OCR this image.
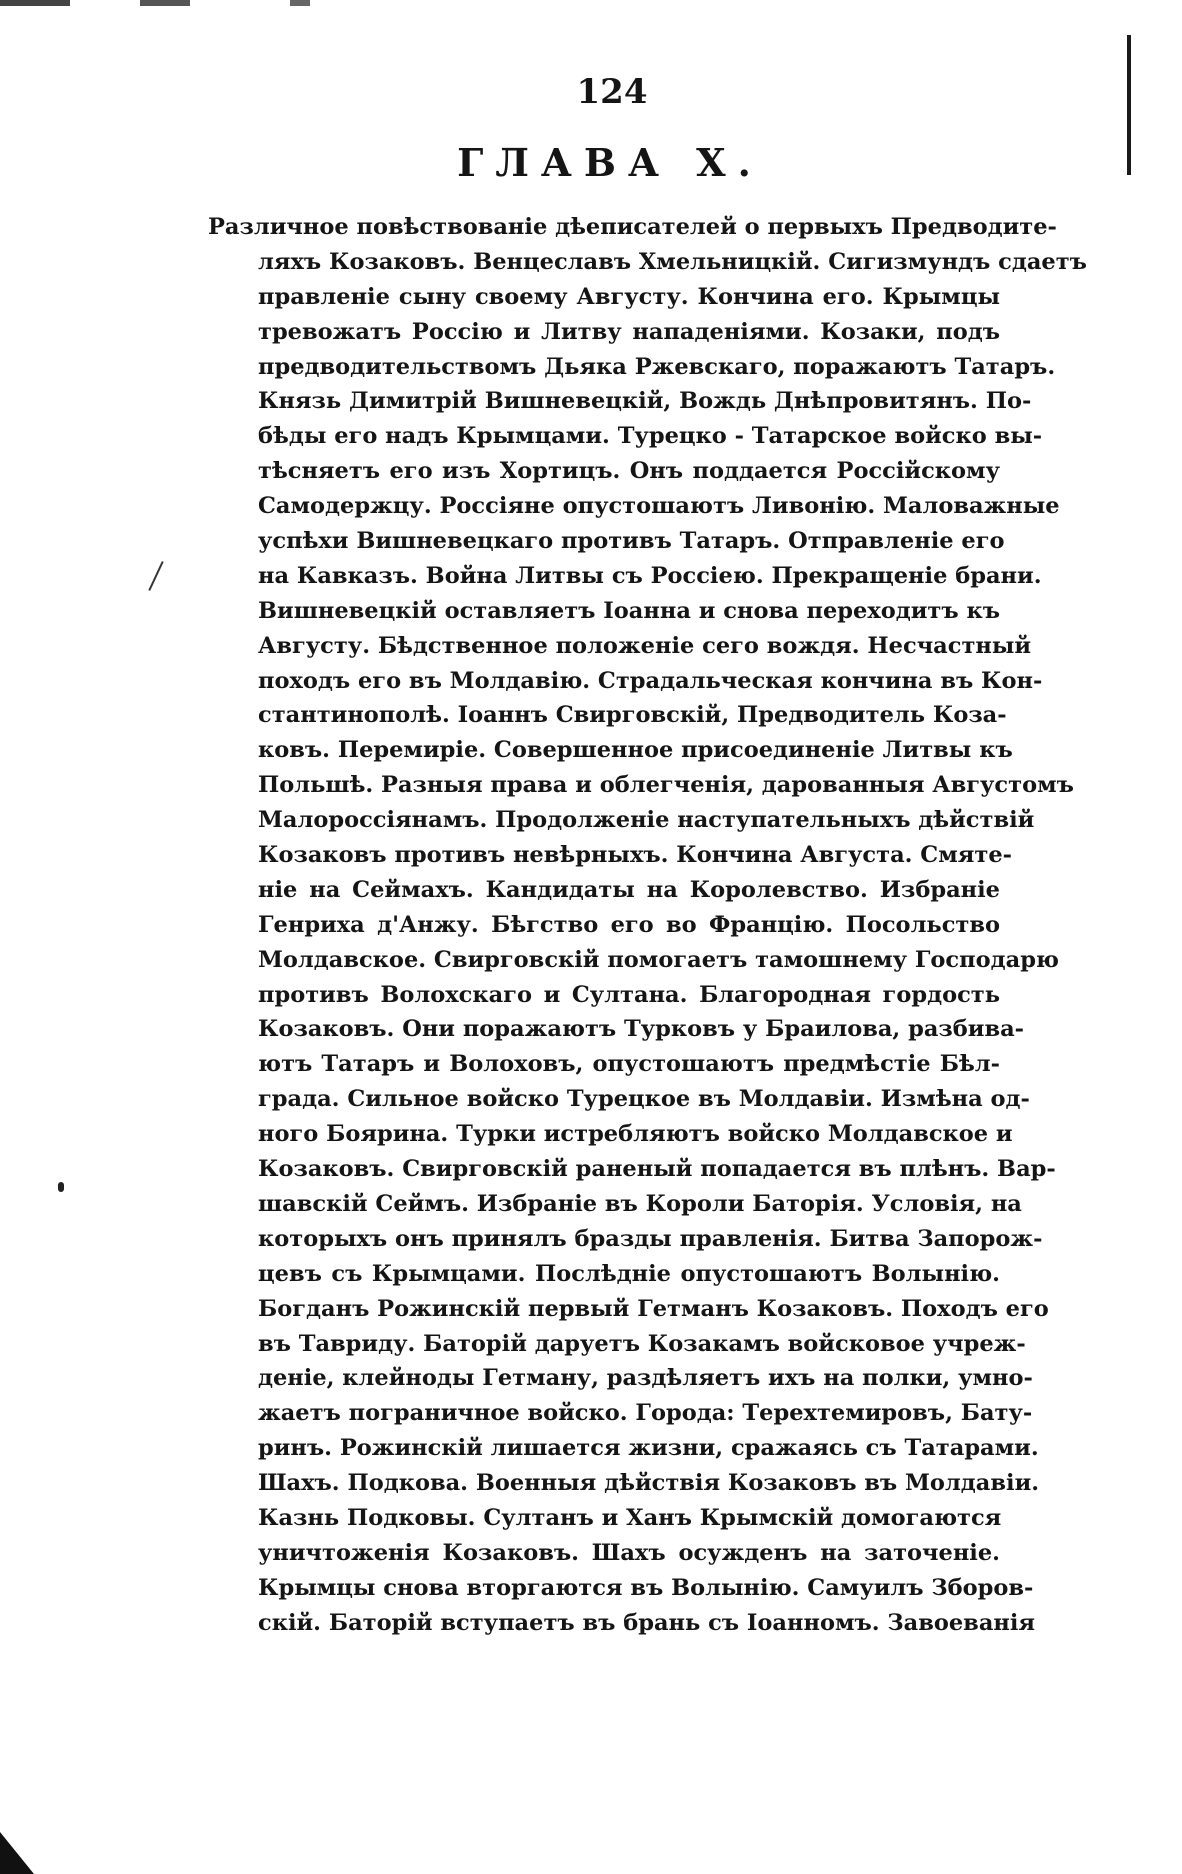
124
ГЛАВА X.
Различное повѣствованіе дѣеписателей о первыхъ Предводите-
ляхъ Козаковъ. Венцеславъ Хмельницкій. Сигизмундъ сдаетъ
правленіе сыну своему Августу. Кончина его. Крымцы
тревожатъ Россію и Литву нападеніями. Козаки, подъ
предводительствомъ Дьяка Ржевскаго, поражаютъ Татаръ.
Князь Димитрій Вишневецкій, Вождь Днѣпровитянъ. По-
бѣды его надъ Крымцами. Турецко - Татарское войско вы-
тѣсняетъ его изъ Хортицъ. Онъ поддается Россійскому
Самодержцу. Россіяне опустошаютъ Ливонію. Маловажные
успѣхи Вишневецкаго противъ Татаръ. Отправленіе его
на Кавказъ. Война Литвы съ Россіею. Прекращеніе брани.
Вишневецкій оставляетъ Іоанна и снова переходитъ къ
Августу. Бѣдственное положеніе сего вождя. Несчастный
походъ его въ Молдавію. Страдальческая кончина въ Кон-
стантинополѣ. Іоаннъ Свирговскій, Предводитель Коза-
ковъ. Перемиріе. Совершенное присоединеніе Литвы къ
Польшѣ. Разныя права и облегченія, дарованныя Августомъ
Малороссіянамъ. Продолженіе наступательныхъ дѣйствій
Козаковъ противъ невѣрныхъ. Кончина Августа. Смяте-
ніе на Сеймахъ. Кандидаты на Королевство. Избраніе
Генриха д'Анжу. Бѣгство его во Францію. Посольство
Молдавское. Свирговскій помогаетъ тамошнему Господарю
противъ Волохскаго и Султана. Благородная гордость
Козаковъ. Они поражаютъ Турковъ у Браилова, разбива-
ютъ Татаръ и Волоховъ, опустошаютъ предмѣстіе Бѣл-
града. Сильное войско Турецкое въ Молдавіи. Измѣна од-
ного Боярина. Турки истребляютъ войско Молдавское и
Козаковъ. Свирговскій раненый попадается въ плѣнъ. Вар-
шавскій Сеймъ. Избраніе въ Короли Баторія. Условія, на
которыхъ онъ принялъ бразды правленія. Битва Запорож-
цевъ съ Крымцами. Послѣдніе опустошаютъ Волынію.
Богданъ Рожинскій первый Гетманъ Козаковъ. Походъ его
въ Тавриду. Баторій даруетъ Козакамъ войсковое учреж-
деніе, клейноды Гетману, раздѣляетъ ихъ на полки, умно-
жаетъ пограничное войско. Города: Терехтемировъ, Бату-
ринъ. Рожинскій лишается жизни, сражаясь съ Татарами.
Шахъ. Подкова. Военныя дѣйствія Козаковъ въ Молдавіи.
Казнь Подковы. Султанъ и Ханъ Крымскій домогаются
уничтоженія Козаковъ. Шахъ осужденъ на заточеніе.
Крымцы снова вторгаются въ Волынію. Самуилъ Зборов-
скій. Баторій вступаетъ въ брань съ Іоанномъ. Завоеванія
